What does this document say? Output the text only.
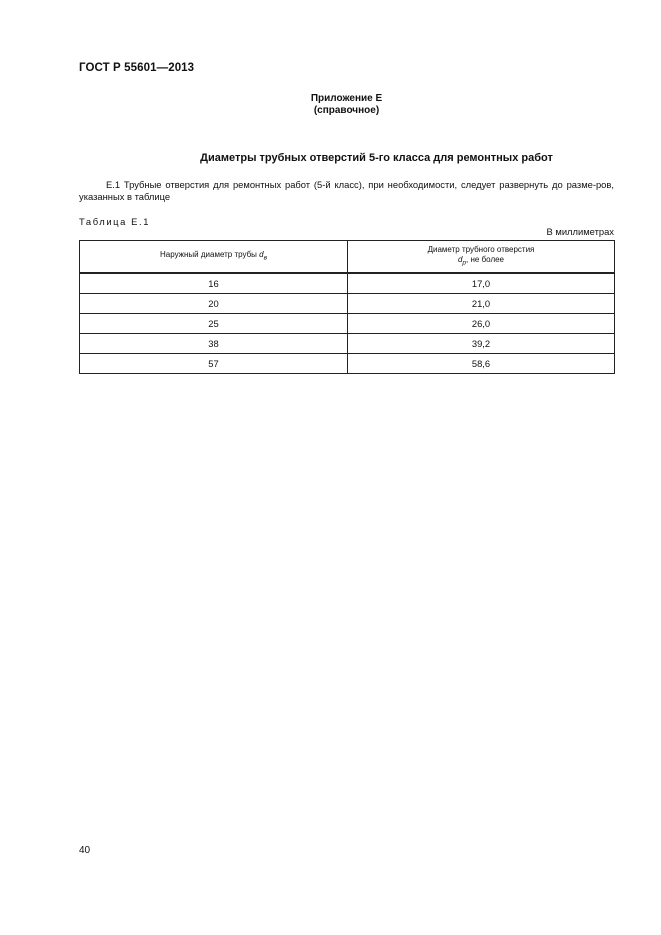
ГОСТ Р 55601—2013
Приложение Е
(справочное)
Диаметры трубных отверстий 5-го класса для ремонтных работ
Е.1 Трубные отверстия для ремонтных работ (5-й класс), при необходимости, следует развернуть до разме-ров, указанных в таблице
Таблица Е.1
В миллиметрах
Наружный диаметр трубы $d_в$	Диаметр трубного отверстия
$d_р$, не более
16	17,0
20	21,0
25	26,0
38	39,2
57	58,6
40
